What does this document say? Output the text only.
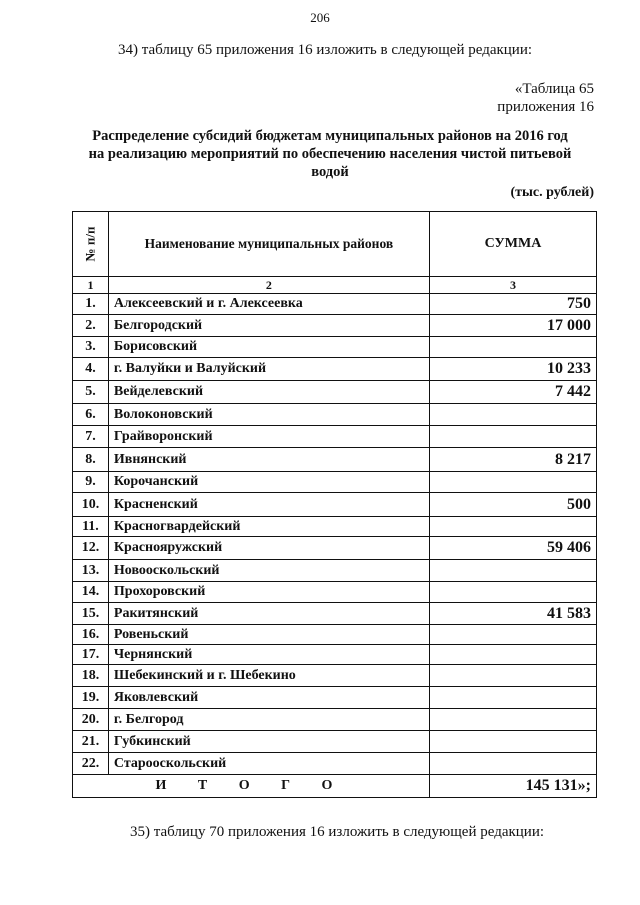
206
34) таблицу 65 приложения 16 изложить в следующей редакции:
«Таблица 65
приложения 16
Распределение субсидий бюджетам муниципальных районов на 2016 год
на реализацию мероприятий по обеспечению населения чистой питьевой
водой
(тыс. рублей)
№ п/п	Наименование муниципальных районов	СУММА
1	2	3
1.	Алексеевский и г. Алексеевка	750
2.	Белгородский	17 000
3.	Борисовский	
4.	г. Валуйки и Валуйский	10 233
5.	Вейделевский	7 442
6.	Волоконовский	
7.	Грайворонский	
8.	Ивнянский	8 217
9.	Корочанский	
10.	Красненский	500
11.	Красногвардейский	
12.	Краснояружский	59 406
13.	Новооскольский	
14.	Прохоровский	
15.	Ракитянский	41 583
16.	Ровеньский	
17.	Чернянский	
18.	Шебекинский и г. Шебекино	
19.	Яковлевский	
20.	г. Белгород	
21.	Губкинский	
22.	Старооскольский	
И Т О Г О		145 131»;
35) таблицу 70 приложения 16 изложить в следующей редакции:
